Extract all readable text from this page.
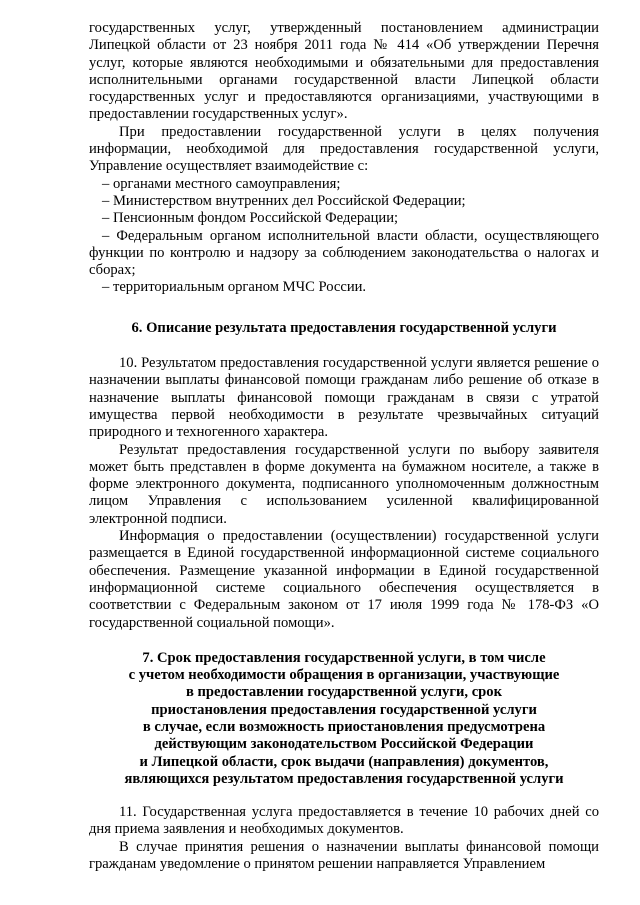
государственных услуг, утвержденный постановлением администрации Липецкой области от 23 ноября 2011 года № 414 «Об утверждении Перечня услуг, которые являются необходимыми и обязательными для предоставления исполнительными органами государственной власти Липецкой области государственных услуг и предоставляются организациями, участвующими в предоставлении государственных услуг».

При предоставлении государственной услуги в целях получения информации, необходимой для предоставления государственной услуги, Управление осуществляет взаимодействие с:

– органами местного самоуправления;

– Министерством внутренних дел Российской Федерации;

– Пенсионным фондом Российской Федерации;

– Федеральным органом исполнительной власти области, осуществляющего функции по контролю и надзору за соблюдением законодательства о налогах и сборах;

– территориальным органом МЧС России.

6. Описание результата предоставления государственной услуги

10. Результатом предоставления государственной услуги является решение о назначении выплаты финансовой помощи гражданам либо решение об отказе в назначение выплаты финансовой помощи гражданам в связи с утратой имущества первой необходимости в результате чрезвычайных ситуаций природного и техногенного характера.

Результат предоставления государственной услуги по выбору заявителя может быть представлен в форме документа на бумажном носителе, а также в форме электронного документа, подписанного уполномоченным должностным лицом Управления с использованием усиленной квалифицированной электронной подписи.

Информация о предоставлении (осуществлении) государственной услуги размещается в Единой государственной информационной системе социального обеспечения. Размещение указанной информации в Единой государственной информационной системе социального обеспечения осуществляется в соответствии с Федеральным законом от 17 июля 1999 года № 178-ФЗ «О государственной социальной помощи».

7. Срок предоставления государственной услуги, в том числе
с учетом необходимости обращения в организации, участвующие
в предоставлении государственной услуги, срок
приостановления предоставления государственной услуги
в случае, если возможность приостановления предусмотрена
действующим законодательством Российской Федерации
и Липецкой области, срок выдачи (направления) документов,
являющихся результатом предоставления государственной услуги

11. Государственная услуга предоставляется в течение 10 рабочих дней со дня приема заявления и необходимых документов.

В случае принятия решения о назначении выплаты финансовой помощи гражданам уведомление о принятом решении направляется Управлением
